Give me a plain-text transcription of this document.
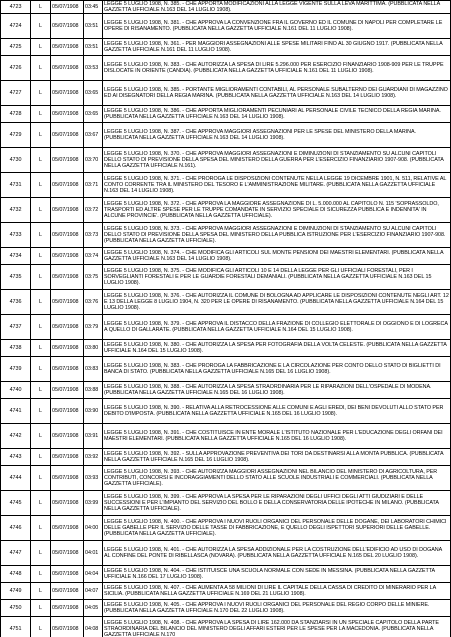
4723	L	05/07/1908	03:45	LEGGE 5 LUGLIO 1908, N. 385. - CHE APPORTA MODIFICAZIONI ALLA LEGGE VIGENTE SULLA LEVA MARITTIMA. (PUBBLICATA NELLA GAZZETTA UFFICIALE N.163 DEL 14 LUGLIO 1908).
4724	L	05/07/1908	03:51	LEGGE 5 LUGLIO 1908, N. 381. - CHE APPROVA LA CONVENZIONE FRA IL GOVERNO ED IL COMUNE DI NAPOLI PER COMPLETARE LE OPERE DI RISANAMENTO. (PUBBLICATA NELLA GAZZETTA UFFICIALE N.161 DEL 11 LUGLIO 1908).
4725	L	05/07/1908	03:51	LEGGE 5 LUGLIO 1908, N. 361. - PER MAGGIORI ASSEGNAZIONI ALLE SPESE MILITARI FINO AL 30 GIUGNO 1917. (PUBBLICATA NELLA GAZZETTA UFFICIALE N.161 DEL 11 LUGLIO 1908).
4726	L	05/07/1908	03:53	LEGGE 5 LUGLIO 1908, N. 383. - CHE AUTORIZZA LA SPESA DI LIRE 5.296.000 PER ESERCIZIO FINANZIARIO 1908-909 PER LE TRUPPE DISLOCATE IN ORIENTE (CANDIA). (PUBBLICATA NELLA GAZZETTA UFFICIALE N.161 DEL 11 LUGLIO 1908).
4727	L	05/07/1908	03:65	LEGGE 5 LUGLIO 1908, N. 385. - PORTANTE MIGLIORAMENTI CONTABILI, AL PERSONALE SUBALTERNO DEI GUARDIANI DI MAGAZZINO ED AI DISEGNATORI DELLA REGIA MARINA. (PUBBLICATA NELLA GAZZETTA UFFICIALE N.163 DEL 14 LUGLIO 1908).
4728	L	05/07/1908	03:65	LEGGE 5 LUGLIO 1908, N. 386. - CHE APPORTA MIGLIORAMENTI PECUNIARI AL PERSONALE CIVILE TECNICO DELLA REGIA MARINA. (PUBBLICATA NELLA GAZZETTA UFFICIALE N.163 DEL 14 LUGLIO 1908).
4729	L	05/07/1908	03:67	LEGGE 5 LUGLIO 1908, N. 387. - CHE APPROVA MAGGIORI ASSEGNAZIONI PER LE SPESE DEL MINISTERO DELLA MARINA. (PUBBLICATA NELLA GAZZETTA UFFICIALE N.163 DEL 14 LUGLIO 1908).
4730	L	05/07/1908	03:70	LEGGE 5 LUGLIO 1908, N. 370. - CHE APPROVA MAGGIORI ASSEGNAZIONI E DIMINUZIONI DI STANZIAMENTO SU ALCUNI CAPITOLI DELLO STATO DI PREVISIONE DELLA SPESA DEL MINISTERO DELLA GUERRA PER L'ESERCIZIO FINANZIARIO 1907-908. (PUBBLICATA NELLA GAZZETTA UFFICIALE N.161).
4731	L	05/07/1908	03:71	LEGGE 5 LUGLIO 1908, N. 371. - CHE PROROGA LE DISPOSIZIONI CONTENUTE NELLA LEGGE 19 DICEMBRE 1901, N. 511, RELATIVE AL CONTO CORRENTE TRA IL MINISTERO DEL TESORO E L'AMMINISTRAZIONE MILITARE. (PUBBLICATA NELLA GAZZETTA UFFICIALE N.163 DEL 14 LUGLIO 1908).
4732	L	05/07/1908	03:72	LEGGE 5 LUGLIO 1908, N. 372. - CHE APPROVA LA MAGGIORE ASSEGNAZIONE DI L. 5.000.000 AL CAPITOLO N. 115 'SOPRASSOLDO, TRASPORTI ED ALTRE SPESE PER LE TRUPPE COMANDATE IN SERVIZIO SPECIALE DI SICUREZZA PUBBLICA E INDENNITA' IN ALCUNE PROVINCIE'. (PUBBLICATA NELLA GAZZETTA UFFICIALE).
4733	L	05/07/1908	03:73	LEGGE 5 LUGLIO 1908, N. 373. - CHE APPROVA MAGGIORI ASSEGNAZIONI E DIMINUZIONI DI STANZIAMENTO SU ALCUNI CAPITOLI DELLO STATO DI PREVISIONE DELLA SPESA DEL MINISTERO DELLA PUBBLICA ISTRUZIONE PER L'ESERCIZIO FINANZIARIO 1907-908. (PUBBLICATA NELLA GAZZETTA UFFICIALE).
4734	L	05/07/1908	03:74	LEGGE 5 LUGLIO 1908, N. 374. - CHE MODIFICA GLI ARTICOLI SUL MONTE PENSIONI DEI MAESTRI ELEMENTARI. (PUBBLICATA NELLA GAZZETTA UFFICIALE N.163 DEL 14 LUGLIO 1908).
4735	L	05/07/1908	03:75	LEGGE 5 LUGLIO 1908, N. 375. - CHE MODIFICA GLI ARTICOLI 10 E 14 DELLA LEGGE PER GLI UFFICIALI FORESTALI, PER I SORVEGLIANTI FORESTALI E PER LE GUARDIE FORESTALI DEMANIALI. (PUBBLICATA NELLA GAZZETTA UFFICIALE N.163 DEL 15 LUGLIO 1908).
4736	L	05/07/1908	03:76	LEGGE 5 LUGLIO 1908, N. 376. - CHE AUTORIZZA IL COMUNE DI BOLOGNA AD APPLICARE LE DISPOSIZIONI CONTENUTE NEGLI ART. 12 E 13 DELLA LEGGE 8 LUGLIO 1904, N. 320 PER LE OPERE DI RISANAMENTO. (PUBBLICATA NELLA GAZZETTA UFFICIALE N.164 DEL 15 LUGLIO 1908).
4737	L	05/07/1908	03:79	LEGGE 5 LUGLIO 1908, N. 379. - CHE APPROVA IL DISTACCO DELLA FRAZIONE DI COLLEGIO ELETTORALE DI OGGIONO E DI LOGRECA A QUELLO DI GALLARATE. (PUBBLICATA NELLA GAZZETTA UFFICIALE N.164 DEL 15 LUGLIO 1908).
4738	L	05/07/1908	03:80	LEGGE 5 LUGLIO 1908, N. 380. - CHE AUTORIZZA LA SPESA PER FOTOGRAFIA DELLA VOLTA CELESTE. (PUBBLICATA NELLA GAZZETTA UFFICIALE N.164 DEL 15 LUGLIO 1908).
4739	L	05/07/1908	03:83	LEGGE 5 LUGLIO 1908, N. 383. - CHE PROROGA LA FABBRICAZIONE E LA CIRCOLAZIONE PER CONTO DELLO STATO DI BIGLIETTI DI BANCA DI STATO. (PUBBLICATA NELLA GAZZETTA UFFICIALE N.165 DEL 16 LUGLIO 1908).
4740	L	05/07/1908	03:88	LEGGE 5 LUGLIO 1908, N. 388. - CHE AUTORIZZA LA SPESA STRAORDINARIA PER LE RIPARAZIONI DELL'OSPEDALE DI MODENA. (PUBBLICATA NELLA GAZZETTA UFFICIALE N.165 DEL 16 LUGLIO 1908).
4741	L	05/07/1908	03:90	LEGGE 5 LUGLIO 1908, N. 390. - RELATIVA ALLA RETROCESSIONE ALLE COMUNI E AGLI EREDI, DEI BENI DEVOLUTI ALLO STATO PER DEBITO D'IMPOSTA. (PUBBLICATA NELLA GAZZETTA UFFICIALE N.165 DEL 16 LUGLIO 1908).
4742	L	05/07/1908	03:91	LEGGE 5 LUGLIO 1908, N. 391. - CHE COSTITUISCE IN ENTE MORALE L'ISTITUTO NAZIONALE PER L'EDUCAZIONE DEGLI ORFANI DEI MAESTRI ELEMENTARI. (PUBBLICATA NELLA GAZZETTA UFFICIALE N.165 DEL 16 LUGLIO 1908).
4743	L	05/07/1908	03:92	LEGGE 5 LUGLIO 1908, N. 392. - SULLA APPROVAZIONE PREVENTIVA DEI TORI DA DESTINARSI ALLA MONTA PUBBLICA. (PUBBLICATA NELLA GAZZETTA UFFICIALE N.165 DEL 16 LUGLIO 1908).
4744	L	05/07/1908	03:93	LEGGE 5 LUGLIO 1908, N. 393. - CHE AUTORIZZA MAGGIORI ASSEGNAZIONI NEL BILANCIO DEL MINISTERO DI AGRICOLTURA, PER CONTRIBUTI, CONCORSI E INCORAGGIAMENTI DELLO STATO ALLE SCUOLE INDUSTRIALI E COMMERCIALI. (PUBBLICATA NELLA GAZZETTA UFFICIALE).
4745	L	05/07/1908	03:99	LEGGE 5 LUGLIO 1908, N. 399. - CHE APPROVA LA SPESA PER LE RIPARAZIONI DEGLI UFFICI DEGLI ATTI GIUDIZIARI E DELLE SUCCESSIONI E PER L'IMPIANTO DEL SERVIZIO DEL BOLLO E DELLA CONSERVATORIA DELLE IPOTECHE IN MILANO. (PUBBLICATA NELLA GAZZETTA UFFICIALE).
4746	L	05/07/1908	04:00	LEGGE 5 LUGLIO 1908, N. 400. - CHE APPROVA I NUOVI RUOLI ORGANICI DEL PERSONALE DELLE DOGANE, DEI LABORATORI CHIMICI DELLE GABELLE PER IL SERVIZIO DELLE TASSE DI FABBRICAZIONE, E QUELLO DEGLI ISPETTORI SUPERIORI DELLE GABELLE. (PUBBLICATA NELLA GAZZETTA UFFICIALE).
4747	L	05/07/1908	04:01	LEGGE 5 LUGLIO 1908, N. 401. - CHE AUTORIZZA LA SPESA ADDIZIONALE PER LA COSTRUZIONE DELL'EDIFICIO AD USO DI DOGANA AL CONFINE DEL PONTE DI RIBELLASCA (NOVARA). (PUBBLICATA NELLA GAZZETTA UFFICIALE N.165 DEL 20 LUGLIO 1908).
4748	L	05/07/1908	04:04	LEGGE 5 LUGLIO 1908, N. 404. - CHE ISTITUISCE UNA SCUOLA NORMALE CON SEDE IN MESSINA. (PUBBLICATA NELLA GAZZETTA UFFICIALE N.166 DEL 17 LUGLIO 1908).
4749	L	05/07/1908	04:07	LEGGE 5 LUGLIO 1908, N. 407. - CHE AUMENTA A 58 MILIONI DI LIRE IL CAPITALE DELLA CASSA DI CREDITO DI MINERARIO PER LA SICILIA. (PUBBLICATA NELLA GAZZETTA UFFICIALE N.169 DEL 21 LUGLIO 1908).
4750	L	05/07/1908	04:05	LEGGE 5 LUGLIO 1908, N. 405. - CHE APPROVA I NUOVI RUOLI ORGANICI DEL PERSONALE DEL REGIO CORPO DELLE MINIERE. (PUBBLICATA NELLA GAZZETTA UFFICIALE N.170 DEL 22 LUGLIO 1908).
4751	L	05/07/1908	04:08	LEGGE 5 LUGLIO 1908, N. 408. - CHE APPROVA LA SPESA DI LIRE 162.000 DA STANZIARSI IN UN SPECIALE CAPITOLO DELLA PARTE STRAORDINARIA DEL BILANCIO DEL MINISTERO DEGLI AFFARI ESTERI PER LE SPESE PER LA MACEDONIA. (PUBBLICATA NELLA GAZZETTA UFFICIALE N.170
